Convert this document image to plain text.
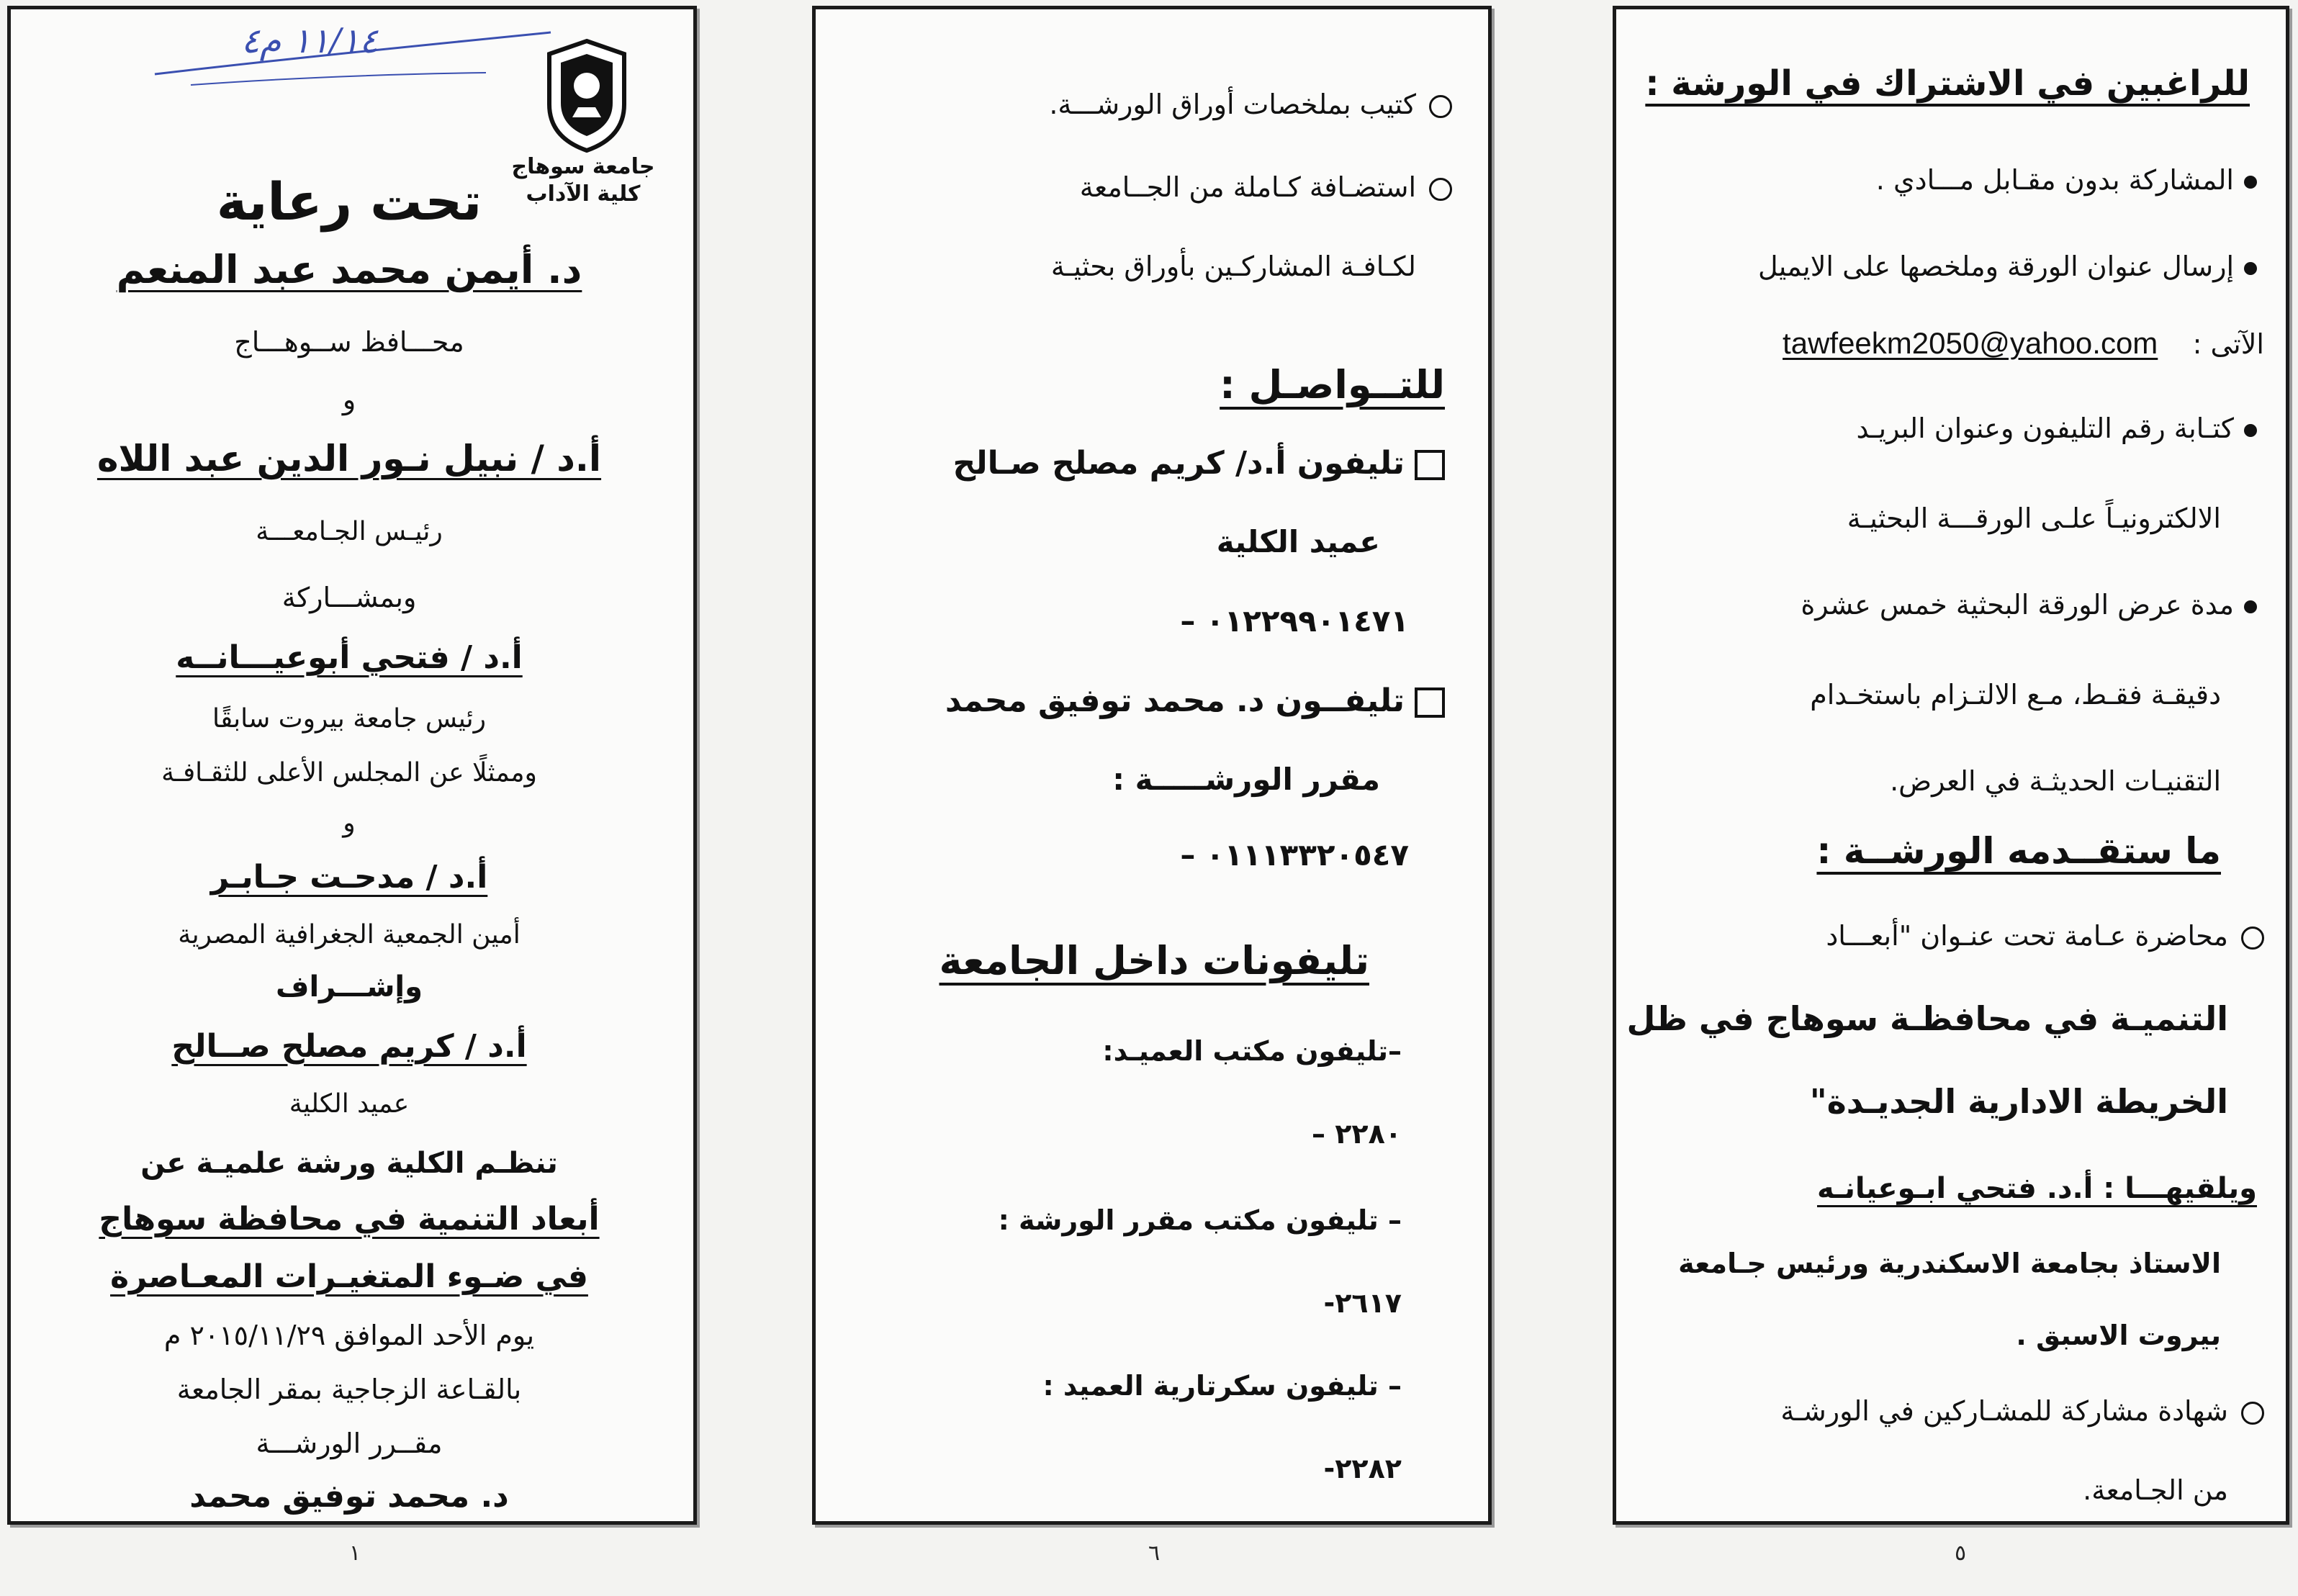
١١/١٤ م٤
جامعة سوهاج
كلية الآداب
تحت رعاية
د. أيمن محمد عبد المنعم
محـــافظ ســوهـــاج
و
أ.د / نبيل نـور الدين عبد اللاه
رئيـس الجـامعـــة
وبمشـــاركة
أ.د / فتحي أبوعيـــانــه
رئيس جامعة بيروت سابقًا
وممثلًا عن المجلس الأعلى للثقـافـة
و
أ.د / مدحـت جـابـر
أمين الجمعية الجغرافية المصرية
وإشـــراف
أ.د / كريم مصلح صــالح
عميد الكلية
تنظـم الكلية ورشة علميـة عن
أبعاد التنمية في محافظة سوهاج
في ضـوء المتغيـرات المعـاصرة
يوم الأحد الموافق ٢٠١٥/١١/٢٩ م
بالقـاعة الزجاجية بمقر الجامعة
مقــرر الورشـــة
د. محمد توفيق محمد
١
كتيب بملخصات أوراق الورشـــة.
استضـافة كـاملة من الجــامعة
لكـافـة المشاركـين بأوراق بحثيـة
للتــواصـل :
تليفون أ.د/ كريم مصلح صـالح
عميد الكلية
٠١٢٢٩٩٠١٤٧١ –
تليفــون د. محمد توفيق محمد
مقرر الورشـــــة :
٠١١١٣٣٢٠٥٤٧ –
تليفونات داخل الجامعة
–تليفون مكتب العميـد:
٢٢٨٠ –
– تليفون مكتب مقرر الورشة :
٢٦١٧-
– تليفون سكرتارية العميد :
٢٢٨٢-
٦
للراغبين في الاشتراك في الورشة :
المشاركة بدون مقـابل مـــادي .
إرسال عنوان الورقة وملخصها على الايميل
الآتى :    tawfeekm2050@yahoo.com
كتـابة رقم التليفون وعنوان البريـد
الالكترونيـاً علـى الورقـــة البحثيـة
مدة عرض الورقة البحثية خمس عشرة
دقيقـة فقـط، مـع الالتـزام باستخـدام
التقنيـات الحديثـة في العرض.
ما ستقــدمه الورشــة :
محاضرة عـامة تحت عنـوان "أبعـــاد
التنميـة في محافظـة سوهاج في ظل
الخريطة الادارية الجديـدة"
ويلقيهـــا : أ.د. فتحي ابـوعيانـه
الاستاذ بجامعة الاسكندرية ورئيس جـامعة
بيروت الاسبق .
شهادة مشاركة للمشـاركين في الورشـة
من الجـامعة.
٥
